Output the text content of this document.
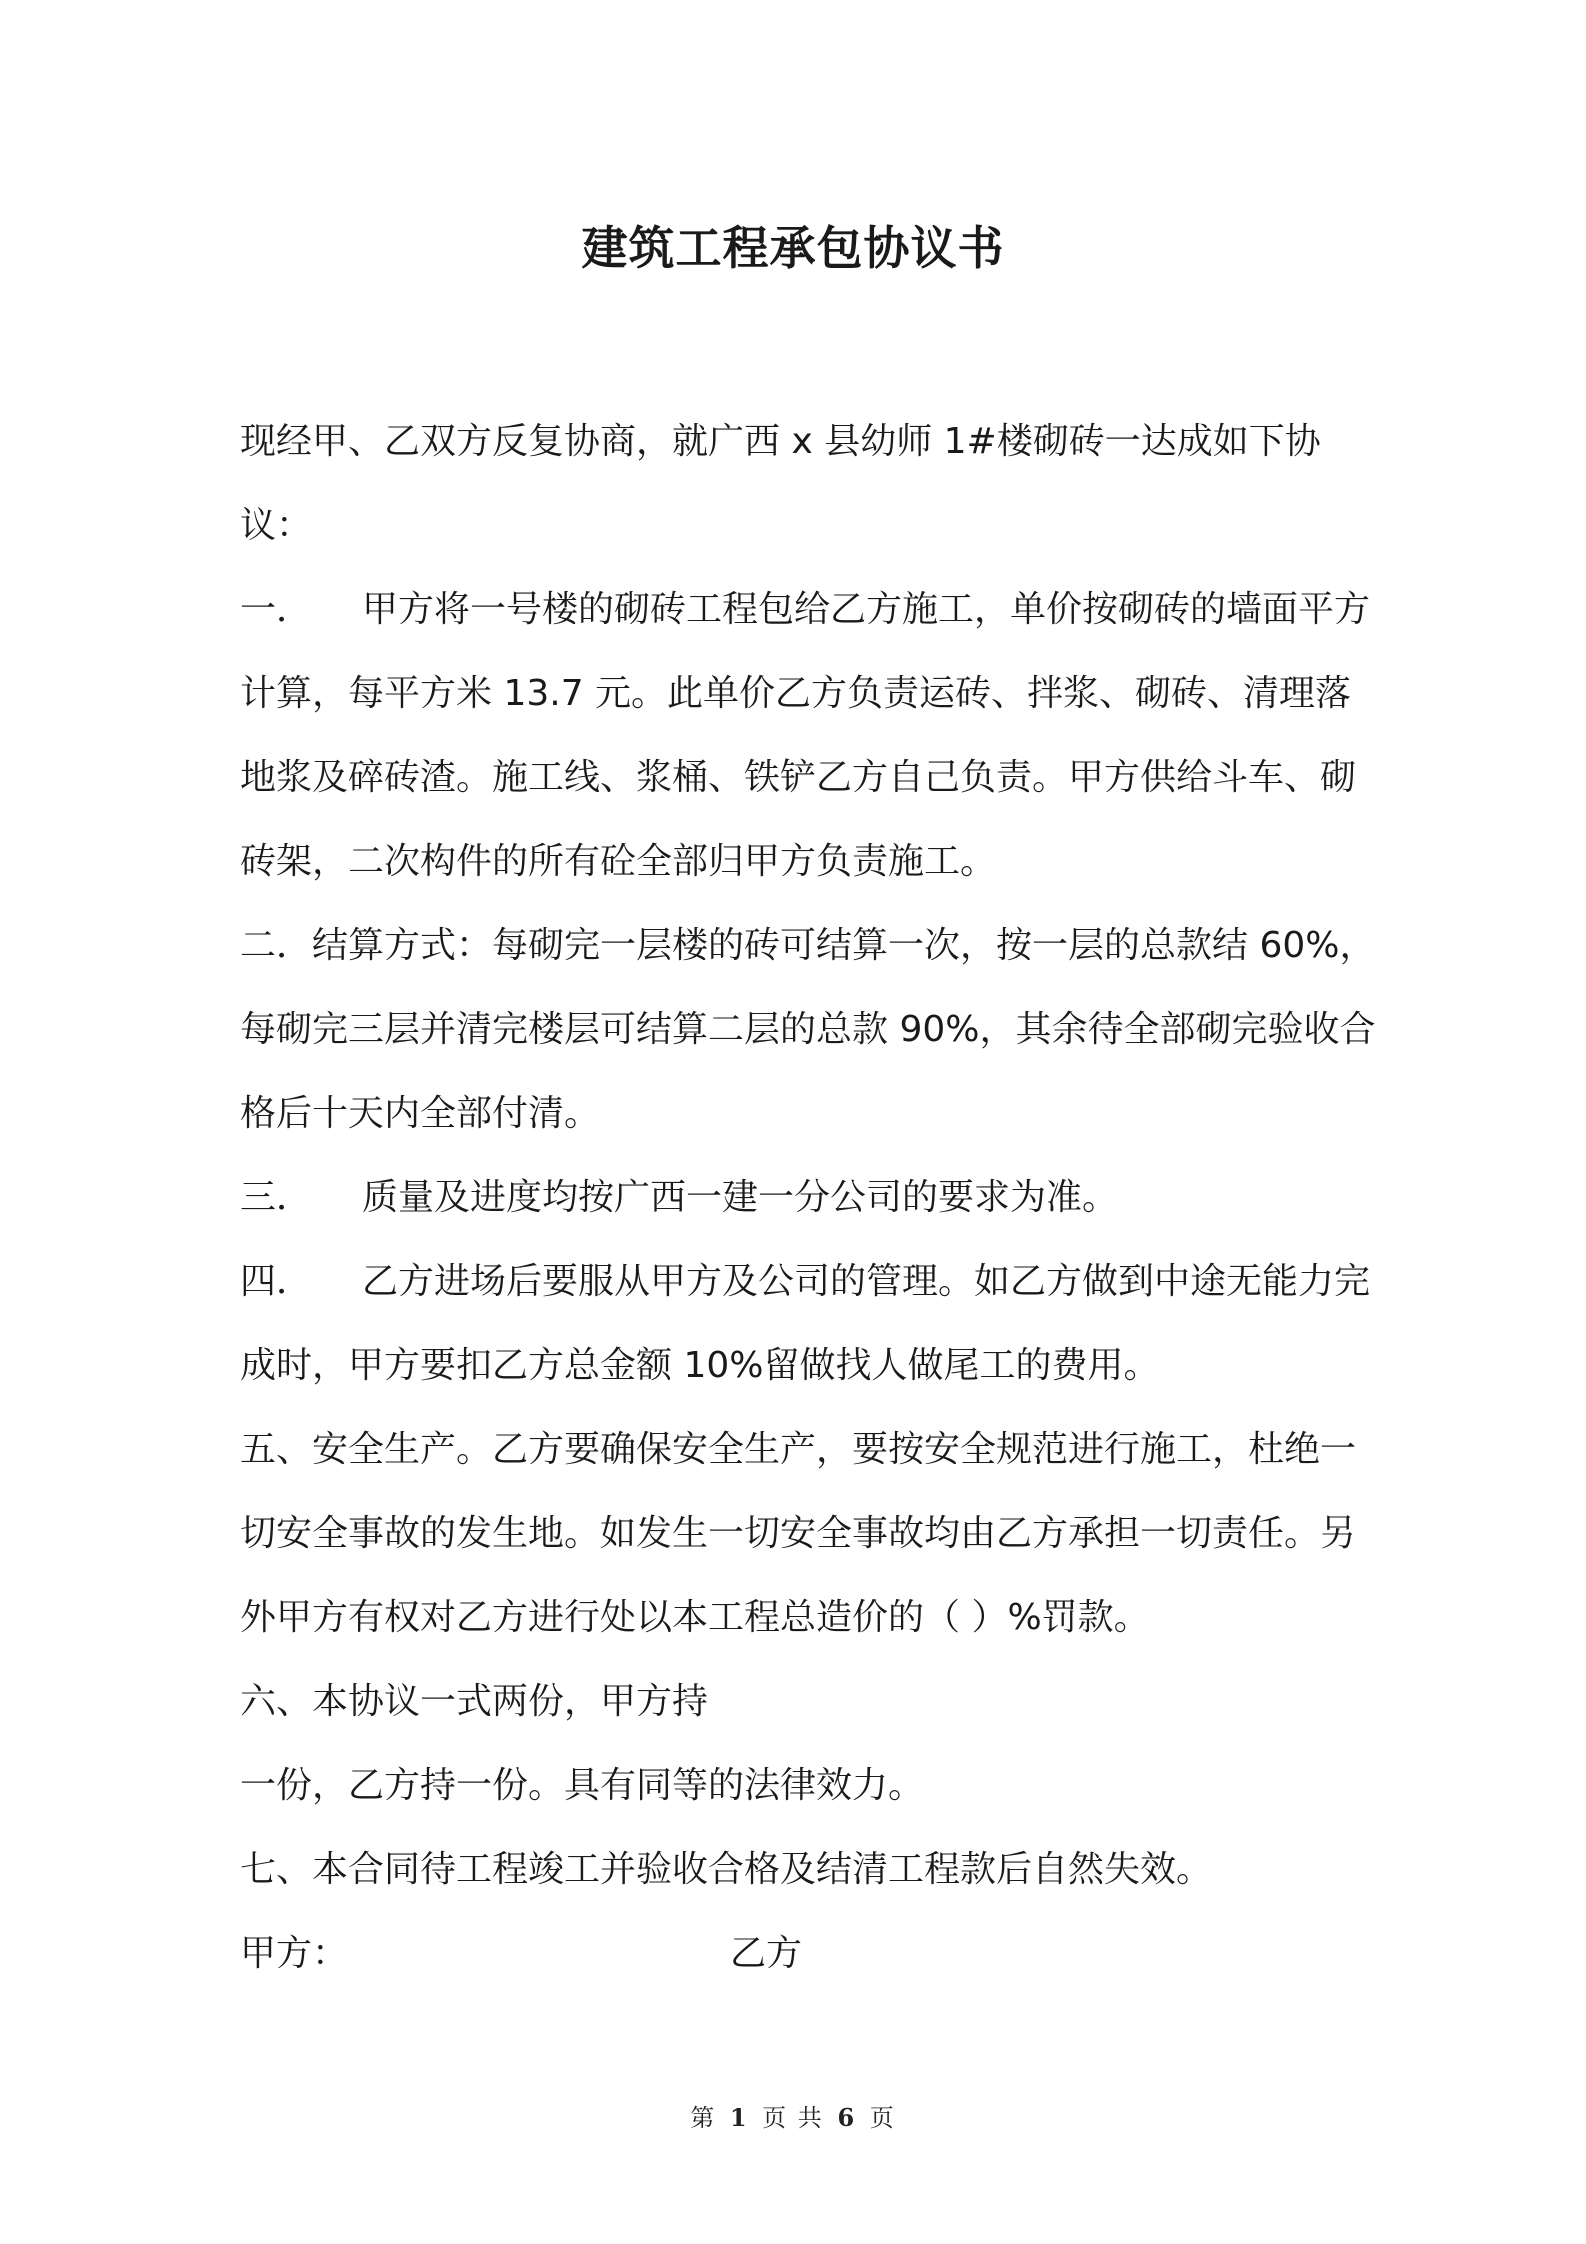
建筑工程承包协议书

现经甲、乙双方反复协商，就广西 x 县幼师 1#楼砌砖一达成如下协议：

一． 甲方将一号楼的砌砖工程包给乙方施工，单价按砌砖的墙面平方计算，每平方米 13.7 元。此单价乙方负责运砖、拌浆、砌砖、清理落地浆及碎砖渣。施工线、浆桶、铁铲乙方自己负责。甲方供给斗车、砌砖架，二次构件的所有砼全部归甲方负责施工。

二．结算方式：每砌完一层楼的砖可结算一次，按一层的总款结 60%，每砌完三层并清完楼层可结算二层的总款 90%，其余待全部砌完验收合格后十天内全部付清。

三． 质量及进度均按广西一建一分公司的要求为准。

四． 乙方进场后要服从甲方及公司的管理。如乙方做到中途无能力完成时，甲方要扣乙方总金额 10%留做找人做尾工的费用。

五、安全生产。乙方要确保安全生产，要按安全规范进行施工，杜绝一切安全事故的发生地。如发生一切安全事故均由乙方承担一切责任。另外甲方有权对乙方进行处以本工程总造价的（ ）%罚款。

六、本协议一式两份，甲方持

一份，乙方持一份。具有同等的法律效力。

七、本合同待工程竣工并验收合格及结清工程款后自然失效。

甲方：	乙方
第 1 页 共 6 页
